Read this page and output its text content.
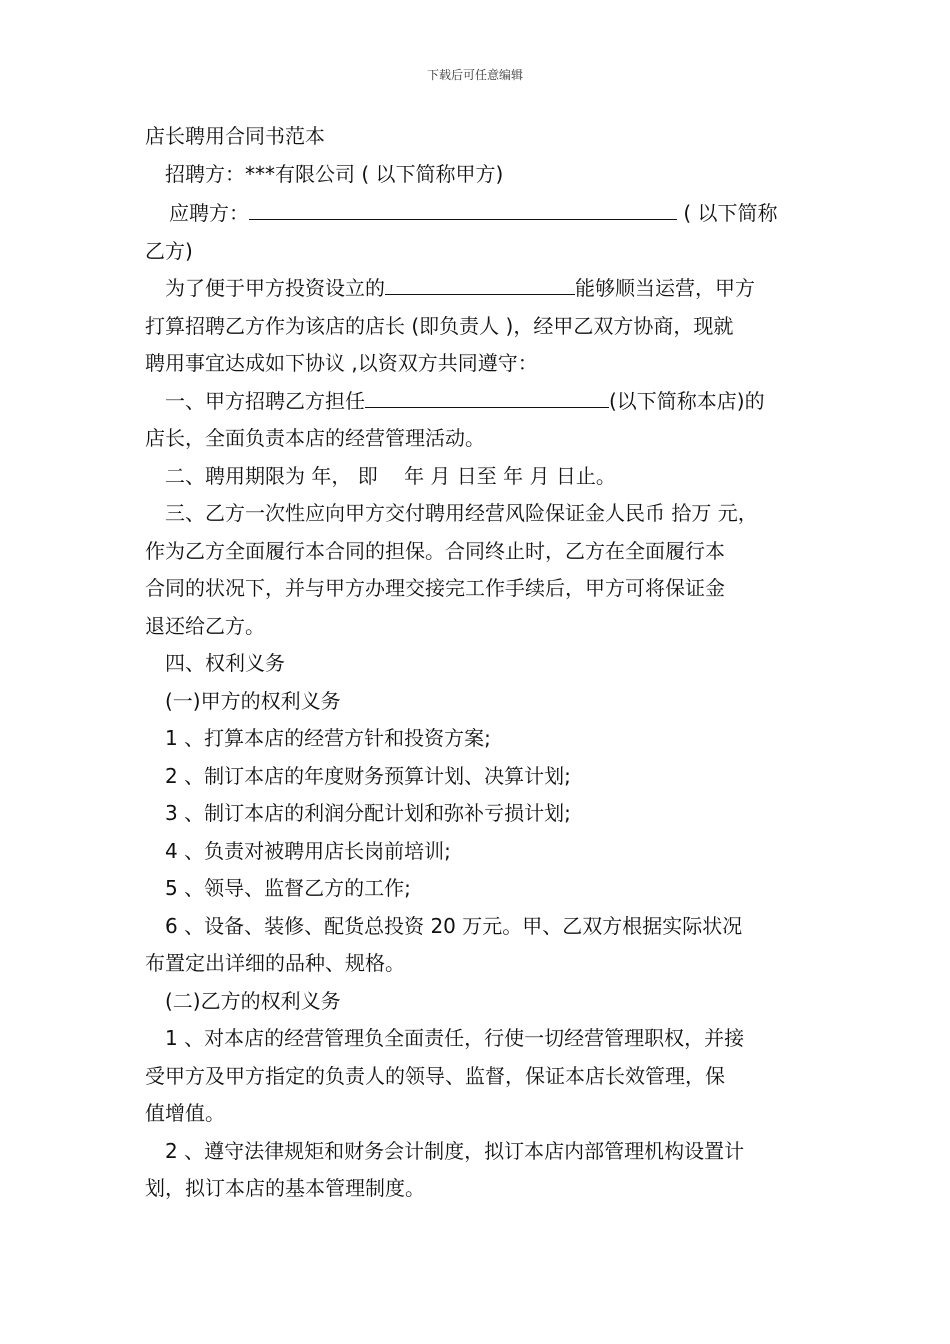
下载后可任意编辑
店长聘用合同书范本
招聘方：***有限公司 ( 以下简称甲方)
应聘方：	( 以下简称
乙方)
为了便于甲方投资设立的	能够顺当运营，甲方
打算招聘乙方作为该店的店长 (即负责人 )，经甲乙双方协商，现就
聘用事宜达成如下协议 ,以资双方共同遵守：
一、甲方招聘乙方担任	(以下简称本店)的
店长，全面负责本店的经营管理活动。
二、聘用期限为 年， 即　 年 月 日至 年 月 日止。
三、乙方一次性应向甲方交付聘用经营风险保证金人民币 拾万 元，
作为乙方全面履行本合同的担保。合同终止时，乙方在全面履行本
合同的状况下，并与甲方办理交接完工作手续后，甲方可将保证金
退还给乙方。
四、权利义务
(一)甲方的权利义务
1 、打算本店的经营方针和投资方案;
2 、制订本店的年度财务预算计划、决算计划;
3 、制订本店的利润分配计划和弥补亏损计划;
4 、负责对被聘用店长岗前培训;
5 、领导、监督乙方的工作;
6 、设备、装修、配货总投资 20 万元。甲、乙双方根据实际状况
布置定出详细的品种、规格。
(二)乙方的权利义务
1 、对本店的经营管理负全面责任，行使一切经营管理职权，并接
受甲方及甲方指定的负责人的领导、监督，保证本店长效管理，保
值增值。
2 、遵守法律规矩和财务会计制度，拟订本店内部管理机构设置计
划，拟订本店的基本管理制度。
